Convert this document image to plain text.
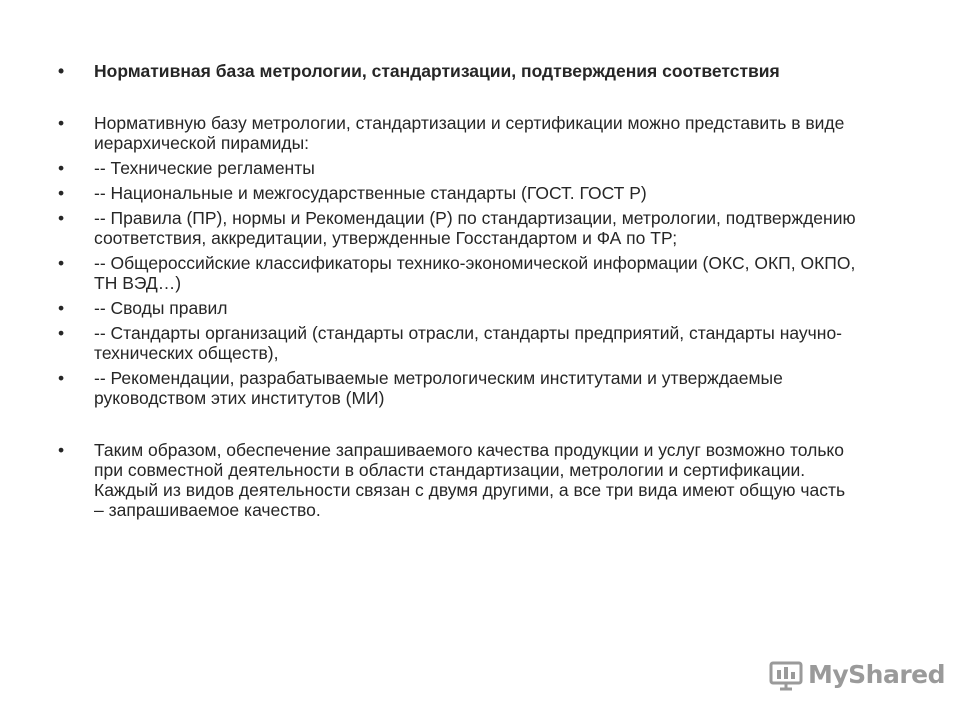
•	Нормативная база метрологии, стандартизации, подтверждения соответствия
•	Нормативную базу метрологии, стандартизации и сертификации можно представить в виде иерархической пирамиды:
•	-- Технические регламенты
•	-- Национальные и межгосударственные стандарты (ГОСТ. ГОСТ Р)
•	-- Правила (ПР), нормы и Рекомендации (Р) по стандартизации, метрологии, подтверждению соответствия, аккредитации, утвержденные Госстандартом и ФА по ТР;
•	-- Общероссийские классификаторы технико-экономической информации (ОКС, ОКП, ОКПО, ТН ВЭД…)
•	-- Своды правил
•	-- Стандарты организаций (стандарты отрасли, стандарты предприятий, стандарты научно-технических обществ),
•	-- Рекомендации, разрабатываемые метрологическим институтами и утверждаемые руководством этих институтов (МИ)
•	Таким образом, обеспечение запрашиваемого качества продукции и услуг возможно только при совместной деятельности в области стандартизации, метрологии и сертификации. Каждый из видов деятельности связан с двумя другими, а все три вида имеют общую часть – запрашиваемое качество.
MyShared
